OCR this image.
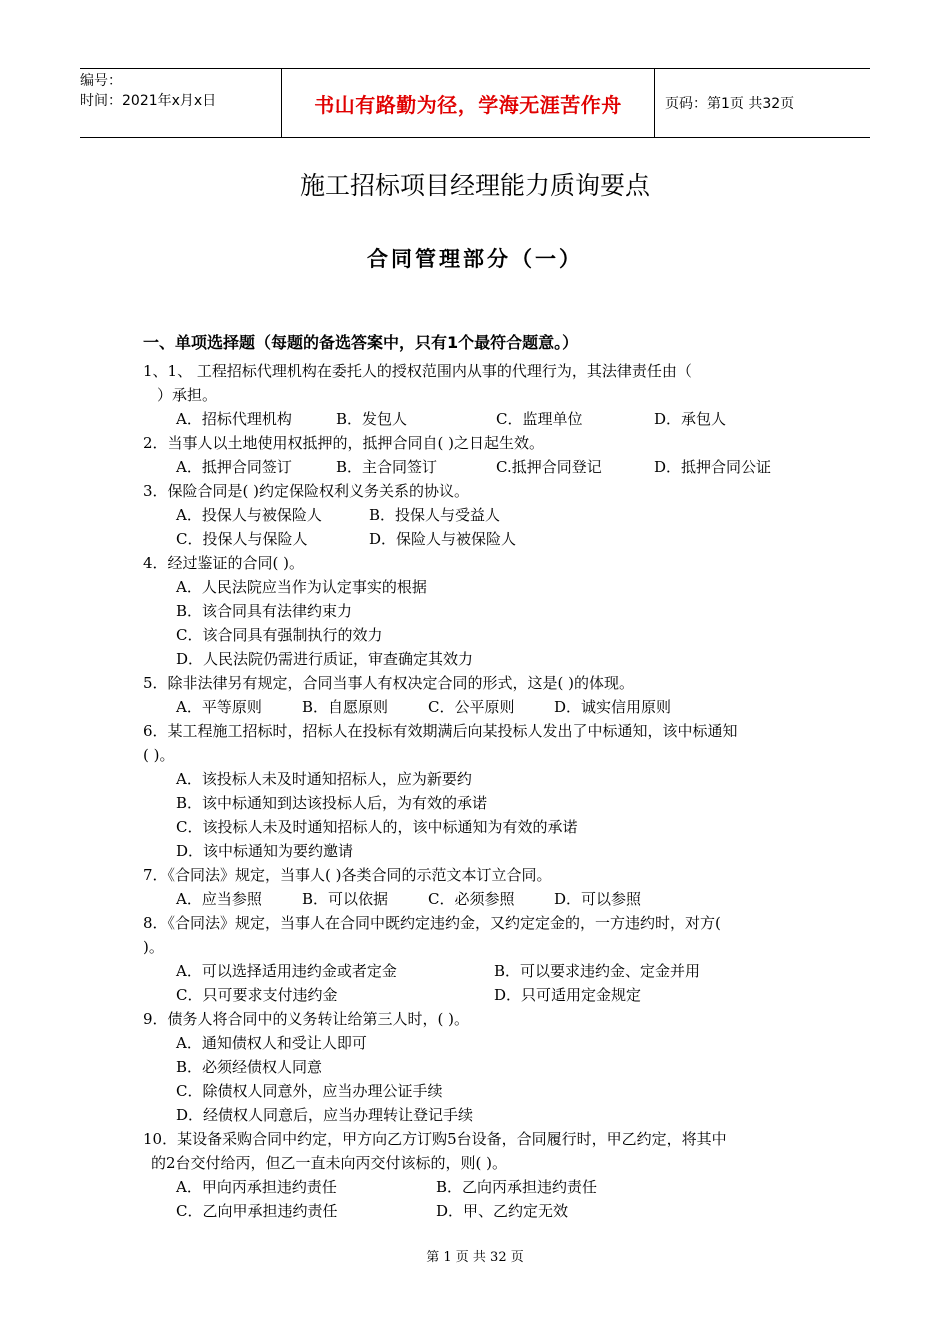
编号：
时间：2021年x月x日	书山有路勤为径，学海无涯苦作舟	页码：第1页 共32页
施工招标项目经理能力质询要点
合同管理部分（一）
一、单项选择题（每题的备选答案中，只有1个最符合题意。）
1、1、 工程招标代理机构在委托人的授权范围内从事的代理行为，其法律责任由（
）承担。
A．招标代理机构	B．发包人	C．监理单位	D．承包人
2．当事人以土地使用权抵押的，抵押合同自( )之日起生效。
A．抵押合同签订	B．主合同签订	C.抵押合同登记	D．抵押合同公证
3．保险合同是( )约定保险权利义务关系的协议。
A．投保人与被保险人	B．投保人与受益人
C．投保人与保险人	D．保险人与被保险人
4．经过鉴证的合同( )。
A．人民法院应当作为认定事实的根据
B．该合同具有法律约束力
C．该合同具有强制执行的效力
D．人民法院仍需进行质证，审查确定其效力
5．除非法律另有规定，合同当事人有权决定合同的形式，这是( )的体现。
A．平等原则	B．自愿原则	C．公平原则	D．诚实信用原则
6．某工程施工招标时，招标人在投标有效期满后向某投标人发出了中标通知，该中标通知
( )。
A．该投标人未及时通知招标人，应为新要约
B．该中标通知到达该投标人后，为有效的承诺
C．该投标人未及时通知招标人的，该中标通知为有效的承诺
D．该中标通知为要约邀请
7．《合同法》规定，当事人( )各类合同的示范文本订立合同。
A．应当参照	B．可以依据	C．必须参照	D．可以参照
8．《合同法》规定，当事人在合同中既约定违约金，又约定定金的，一方违约时，对方(
)。
A．可以选择适用违约金或者定金	B．可以要求违约金、定金并用
C．只可要求支付违约金	D．只可适用定金规定
9．债务人将合同中的义务转让给第三人时，( )。
A．通知债权人和受让人即可
B．必须经债权人同意
C．除债权人同意外，应当办理公证手续
D．经债权人同意后，应当办理转让登记手续
10．某设备采购合同中约定，甲方向乙方订购5台设备，合同履行时，甲乙约定，将其中
的2台交付给丙，但乙一直未向丙交付该标的，则( )。
A．甲向丙承担违约责任	B．乙向丙承担违约责任
C．乙向甲承担违约责任	D．甲、乙约定无效
第 1 页 共 32 页
